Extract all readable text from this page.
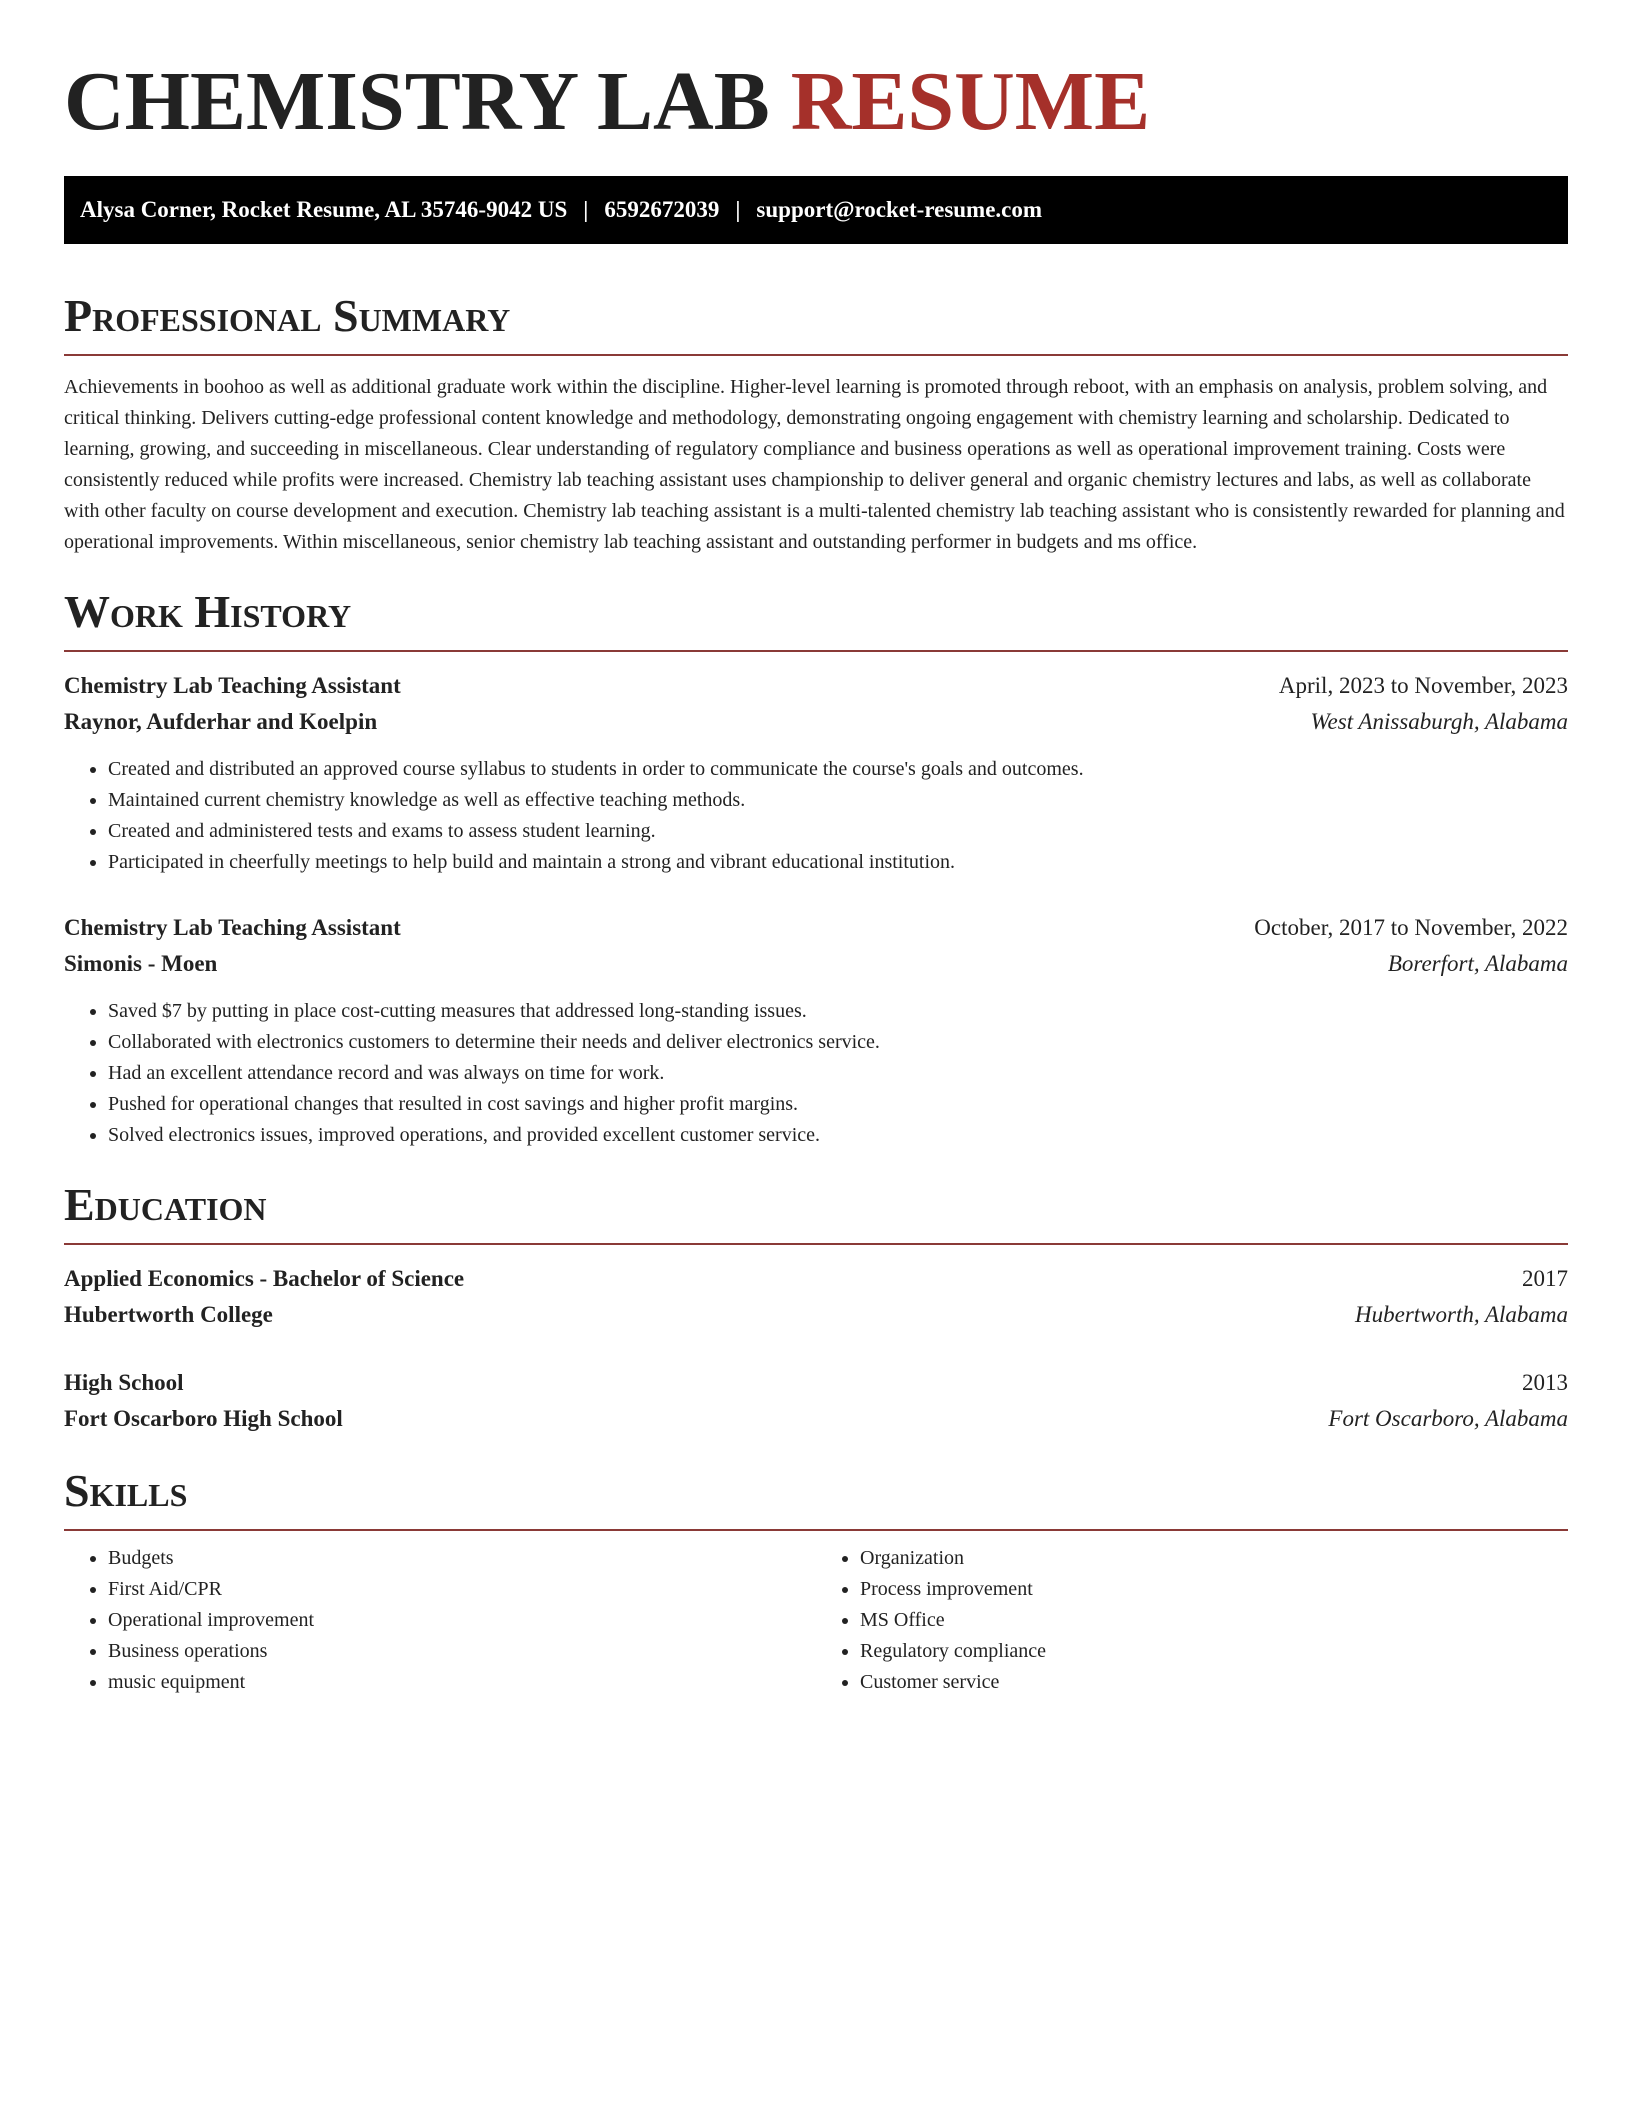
CHEMISTRY LAB RESUME
Alysa Corner, Rocket Resume, AL 35746-9042 US | 6592672039 | support@rocket-resume.com
Professional Summary

Achievements in boohoo as well as additional graduate work within the discipline. Higher-level learning is promoted through reboot, with an emphasis on analysis, problem solving, and critical thinking. Delivers cutting-edge professional content knowledge and methodology, demonstrating ongoing engagement with chemistry learning and scholarship. Dedicated to learning, growing, and succeeding in miscellaneous. Clear understanding of regulatory compliance and business operations as well as operational improvement training. Costs were consistently reduced while profits were increased. Chemistry lab teaching assistant uses championship to deliver general and organic chemistry lectures and labs, as well as collaborate with other faculty on course development and execution. Chemistry lab teaching assistant is a multi-talented chemistry lab teaching assistant who is consistently rewarded for planning and operational improvements. Within miscellaneous, senior chemistry lab teaching assistant and outstanding performer in budgets and ms office.

Work History
Chemistry Lab Teaching Assistant	April, 2023 to November, 2023
Raynor, Aufderhar and Koelpin	West Anissaburgh, Alabama
• Created and distributed an approved course syllabus to students in order to communicate the course's goals and outcomes.
• Maintained current chemistry knowledge as well as effective teaching methods.
• Created and administered tests and exams to assess student learning.
• Participated in cheerfully meetings to help build and maintain a strong and vibrant educational institution.
Chemistry Lab Teaching Assistant	October, 2017 to November, 2022
Simonis - Moen	Borerfort, Alabama
• Saved $7 by putting in place cost-cutting measures that addressed long-standing issues.
• Collaborated with electronics customers to determine their needs and deliver electronics service.
• Had an excellent attendance record and was always on time for work.
• Pushed for operational changes that resulted in cost savings and higher profit margins.
• Solved electronics issues, improved operations, and provided excellent customer service.
Education
Applied Economics - Bachelor of Science	2017
Hubertworth College	Hubertworth, Alabama
High School	2013
Fort Oscarboro High School	Fort Oscarboro, Alabama
Skills
• Budgets
• First Aid/CPR
• Operational improvement
• Business operations
• music equipment
• Organization
• Process improvement
• MS Office
• Regulatory compliance
• Customer service
